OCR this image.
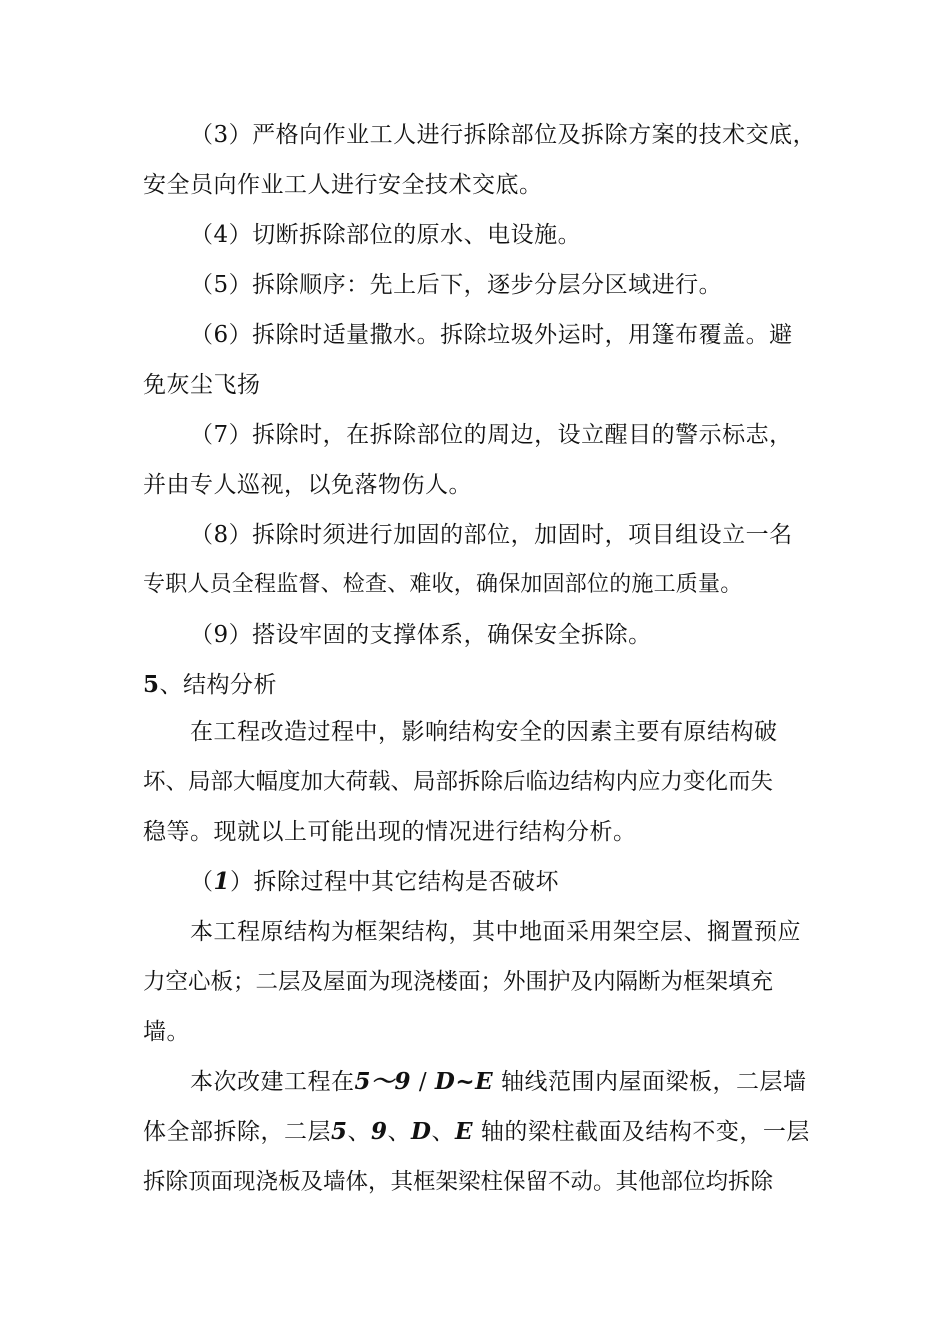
（3）严格向作业工人进行拆除部位及拆除方案的技术交底，
安全员向作业工人进行安全技术交底。
（4）切断拆除部位的原水、电设施。
（5）拆除顺序：先上后下，逐步分层分区域进行。
（6）拆除时适量撒水。拆除垃圾外运时，用篷布覆盖。避
免灰尘飞扬
（7）拆除时，在拆除部位的周边，设立醒目的警示标志，
并由专人巡视，以免落物伤人。
（8）拆除时须进行加固的部位，加固时，项目组设立一名
专职人员全程监督、检查、难收，确保加固部位的施工质量。
（9）搭设牢固的支撑体系，确保安全拆除。
5、结构分析
在工程改造过程中，影响结构安全的因素主要有原结构破
坏、局部大幅度加大荷载、局部拆除后临边结构内应力变化而失
稳等。现就以上可能出现的情况进行结构分析。
（1）拆除过程中其它结构是否破坏
本工程原结构为框架结构，其中地面采用架空层、搁置预应
力空心板；二层及屋面为现浇楼面；外围护及内隔断为框架填充
墙。
本次改建工程在5～9 / D~E 轴线范围内屋面梁板，二层墙
体全部拆除，二层5、9、D、E 轴的梁柱截面及结构不变，一层
拆除顶面现浇板及墙体，其框架梁柱保留不动。其他部位均拆除
